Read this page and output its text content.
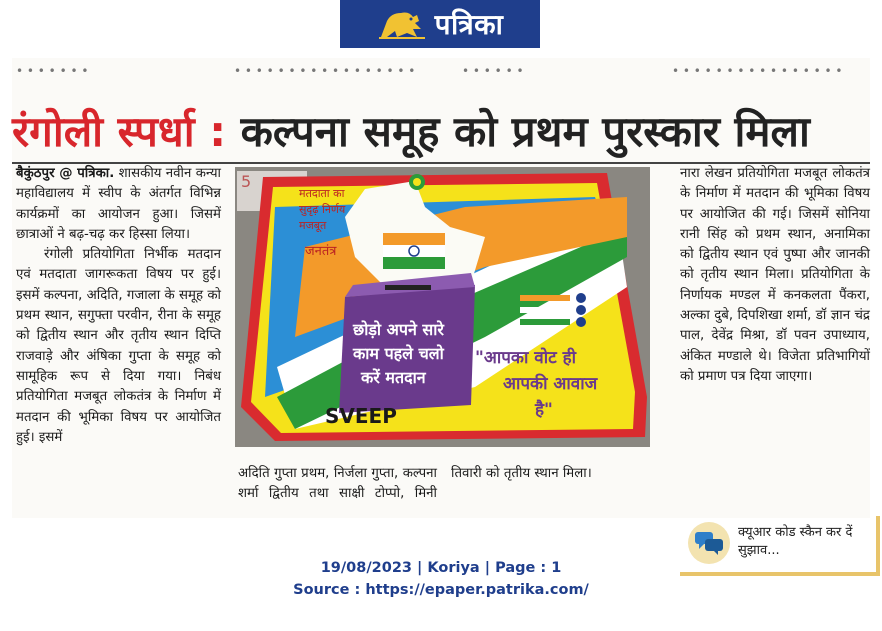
पत्रिका
• • • • • • •	• • • • • • • • • • • • • • • • •	• • • • • •	• • • • • • • • • • • • • • • •
रंगोली स्पर्धा : कल्पना समूह को प्रथम पुरस्कार मिला

बैकुंठपुर @ पत्रिका. शासकीय नवीन कन्या महाविद्यालय में स्वीप के अंतर्गत विभिन्न कार्यक्रमों का आयोजन हुआ। जिसमें छात्राओं ने बढ़-चढ़ कर हिस्सा लिया।

रंगोली प्रतियोगिता निर्भीक मतदान एवं मतदाता जागरूकता विषय पर हुई। इसमें कल्पना, अदिति, गजाला के समूह को प्रथम स्थान, सगुफ्ता परवीन, रीना के समूह को द्वितीय स्थान और तृतीय स्थान दिप्ति राजवाड़े और अंषिका गुप्ता के समूह को सामूहिक रूप से दिया गया। निबंध प्रतियोगिता मजबूत लोकतंत्र के निर्माण में मतदान की भूमिका विषय पर आयोजित हुई। इसमें

नारा लेखन प्रतियोगिता मजबूत लोकतंत्र के निर्माण में मतदान की भूमिका विषय पर आयोजित की गई। जिसमें सोनिया रानी सिंह को प्रथम स्थान, अनामिका को द्वितीय स्थान एवं पुष्पा और जानकी को तृतीय स्थान मिला। प्रतियोगिता के निर्णायक मण्डल में कनकलता पैंकरा, अल्का दुबे, दिपशिखा शर्मा, डॉ ज्ञान चंद्र पाल, देवेंद्र मिश्रा, डॉ पवन उपाध्याय, अंकित मण्डाले थे। विजेता प्रतिभागियों को प्रमाण पत्र दिया जाएगा।

अदिति गुप्ता प्रथम, निर्जला गुप्ता, कल्पना शर्मा द्वितीय तथा साक्षी टोप्पो, मिनी तिवारी को तृतीय स्थान मिला।
क्यूआर कोड स्कैन कर दें सुझाव...
मतदाता का
सुदृढ़ निर्णय
मजबूत
जनतंत्र
छोड़ो अपने सारे
काम पहले चलो
करें मतदान
SVEEP
"आपका वोट ही
आपकी आवाज
है"
5
19/08/2023 | Koriya | Page : 1
Source : https://epaper.patrika.com/
